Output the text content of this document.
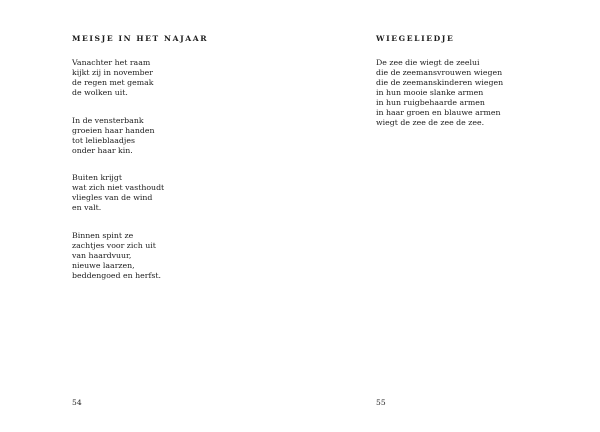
MEISJE IN HET NAJAAR
Vanachter het raam
kijkt zij in november
de regen met gemak
de wolken uit.
In de vensterbank
groeien haar handen
tot lelieblaadjes
onder haar kin.
Buiten krijgt
wat zich niet vasthoudt
vliegles van de wind
en valt.
Binnen spint ze
zachtjes voor zich uit
van haardvuur,
nieuwe laarzen,
beddengoed en herfst.
54
WIEGELIEDJE
De zee die wiegt de zeelui
die de zeemansvrouwen wiegen
die de zeemanskinderen wiegen
in hun mooie slanke armen
in hun ruigbehaarde armen
in haar groen en blauwe armen
wiegt de zee de zee de zee.
55
